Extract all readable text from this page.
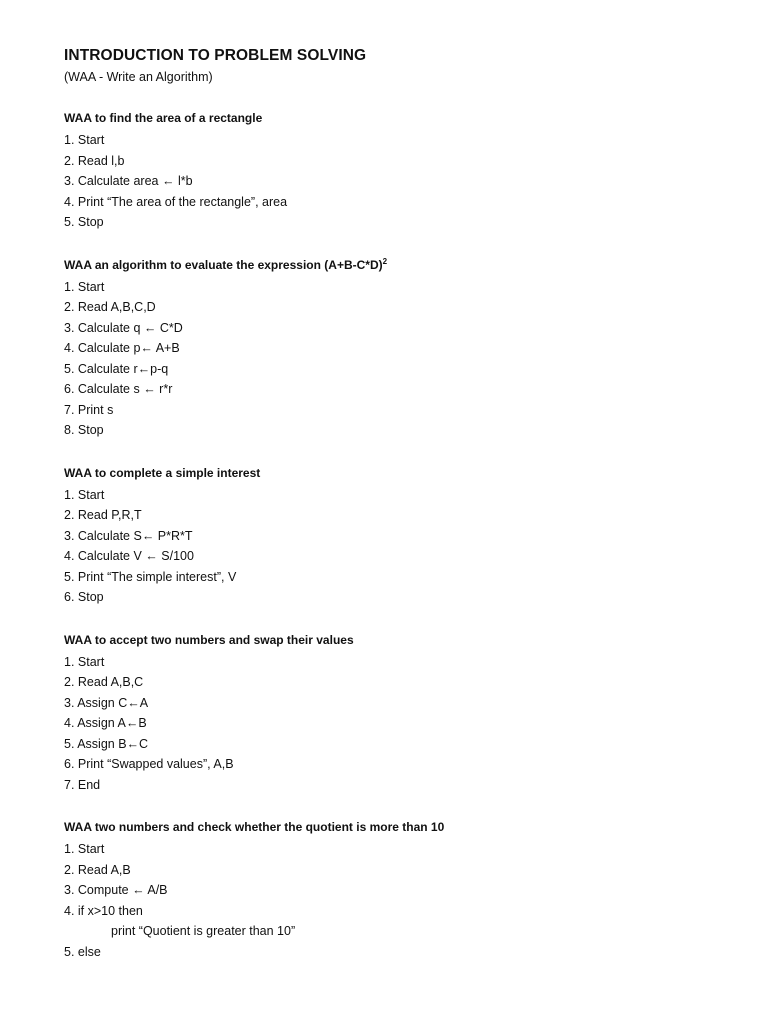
INTRODUCTION TO PROBLEM SOLVING
(WAA - Write an Algorithm)
WAA to find the area of a rectangle
1. Start
2. Read l,b
3. Calculate area ← l*b
4. Print “The area of the rectangle”, area
5. Stop
WAA an algorithm to evaluate the expression $(A+B-C*D)^2$
1. Start
2. Read A,B,C,D
3. Calculate q ← C*D
4. Calculate p← A+B
5. Calculate r←p-q
6. Calculate s ← r*r
7. Print s
8. Stop
WAA to complete a simple interest
1. Start
2. Read P,R,T
3. Calculate S← P*R*T
4. Calculate V ← S/100
5. Print “The simple interest”, V
6. Stop
WAA to accept two numbers and swap their values
1. Start
2. Read A,B,C
3. Assign C←A
4. Assign A←B
5. Assign B←C
6. Print “Swapped values”, A,B
7. End
WAA two numbers and check whether the quotient is more than 10
1. Start
2. Read A,B
3. Compute ← A/B
4. if x>10 then
print “Quotient is greater than 10”
5. else
